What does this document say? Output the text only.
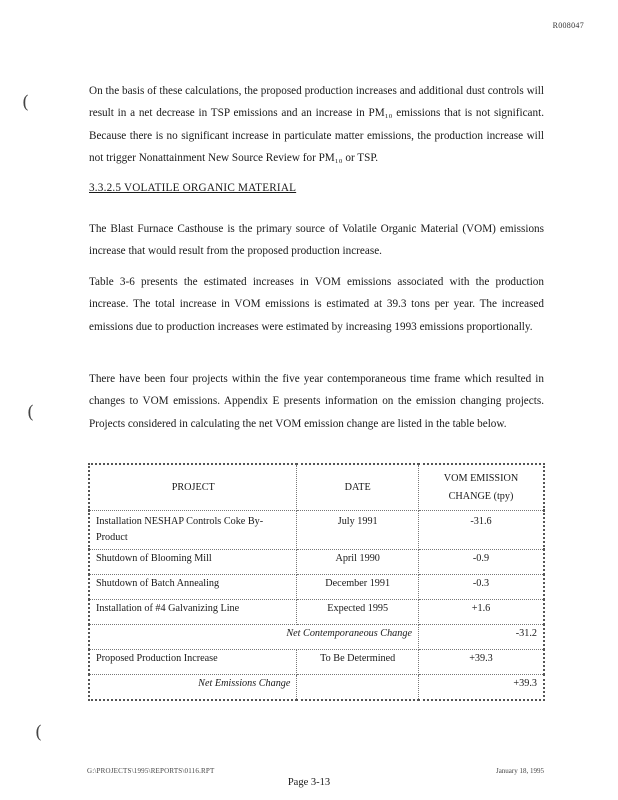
R008047
(
(
(

On the basis of these calculations, the proposed production increases and additional dust controls will result in a net decrease in TSP emissions and an increase in PM₁₀ emissions that is not significant. Because there is no significant increase in particulate matter emissions, the production increase will not trigger Nonattainment New Source Review for PM₁₀ or TSP.

3.3.2.5 VOLATILE ORGANIC MATERIAL

The Blast Furnace Casthouse is the primary source of Volatile Organic Material (VOM) emissions increase that would result from the proposed production increase.

Table 3-6 presents the estimated increases in VOM emissions associated with the production increase. The total increase in VOM emissions is estimated at 39.3 tons per year. The increased emissions due to production increases were estimated by increasing 1993 emissions proportionally.

There have been four projects within the five year contemporaneous time frame which resulted in changes to VOM emissions. Appendix E presents information on the emission changing projects. Projects considered in calculating the net VOM emission change are listed in the table below.

PROJECT	DATE	VOM EMISSION CHANGE (tpy)
Installation NESHAP Controls Coke By-Product	July 1991	-31.6
Shutdown of Blooming Mill	April 1990	-0.9
Shutdown of Batch Annealing	December 1991	-0.3
Installation of #4 Galvanizing Line	Expected 1995	+1.6
Net Contemporaneous Change		-31.2
Proposed Production Increase	To Be Determined	+39.3
Net Emissions Change		+39.3
G:\PROJECTS\1995\REPORTS\0116.RPT	January 18, 1995
Page 3-13
